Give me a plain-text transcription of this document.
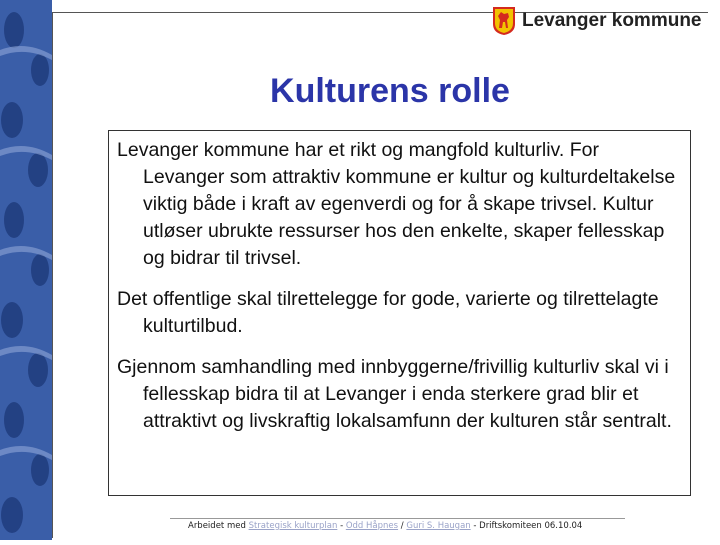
Levanger kommune
Kulturens rolle

Levanger kommune har et rikt og mangfold kulturliv. For Levanger som attraktiv kommune er kultur og kulturdeltakelse viktig både i kraft av egenverdi og for å skape trivsel. Kultur utløser ubrukte ressurser hos den enkelte, skaper fellesskap og bidrar til trivsel.

Det offentlige skal tilrettelegge for gode, varierte og tilrettelagte kulturtilbud.

Gjennom samhandling med innbyggerne/frivillig kulturliv skal vi i fellesskap bidra til at Levanger i enda sterkere grad blir et attraktivt og livskraftig lokalsamfunn der kulturen står sentralt.

Arbeidet med Strategisk kulturplan - Odd Håpnes / Guri S. Haugan - Driftskomiteen 06.10.04
